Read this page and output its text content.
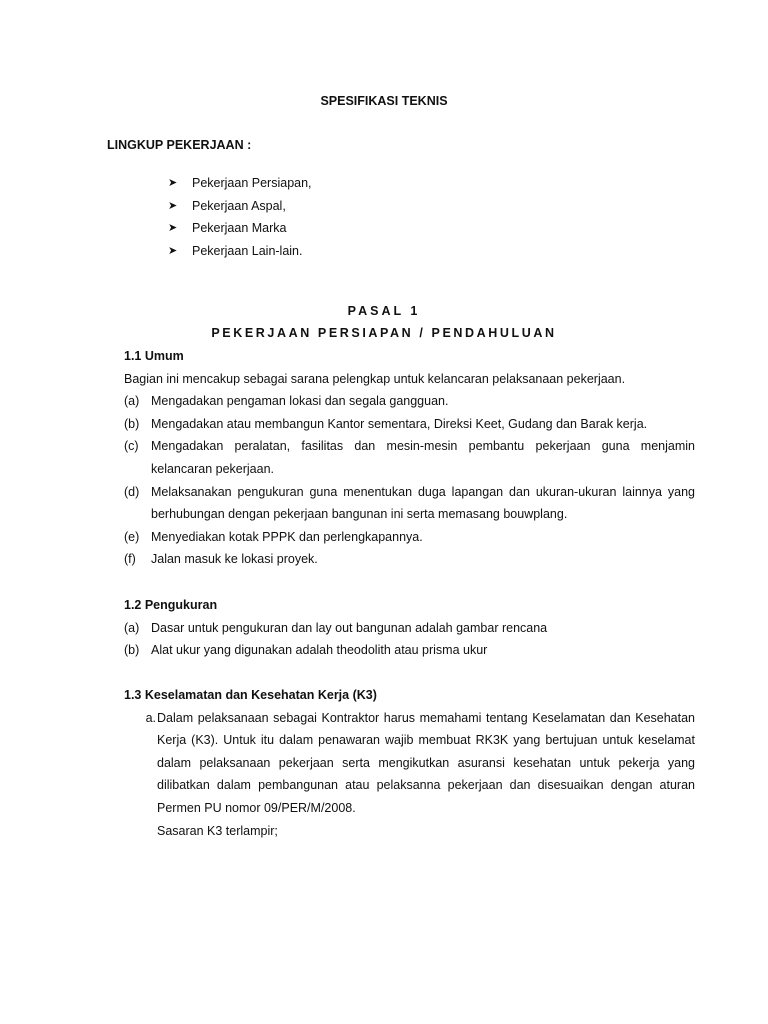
SPESIFIKASI TEKNIS
LINGKUP PEKERJAAN :
➤	Pekerjaan Persiapan,
➤	Pekerjaan Aspal,
➤	Pekerjaan Marka
➤	Pekerjaan Lain-lain.
PASAL 1
PEKERJAAN PERSIAPAN / PENDAHULUAN
1.1 Umum

Bagian ini mencakup sebagai sarana pelengkap untuk kelancaran pelaksanaan pekerjaan.

(a) Mengadakan pengaman lokasi dan segala gangguan.
(b) Mengadakan atau membangun Kantor sementara, Direksi Keet, Gudang dan Barak kerja.
(c) Mengadakan peralatan, fasilitas dan mesin-mesin pembantu pekerjaan guna menjamin kelancaran pekerjaan.
(d) Melaksanakan pengukuran guna menentukan duga lapangan dan ukuran-ukuran lainnya yang berhubungan dengan pekerjaan bangunan ini serta memasang bouwplang.
(e) Menyediakan kotak PPPK dan perlengkapannya.
(f)	Jalan masuk ke lokasi proyek.
1.2 Pengukuran
(a) Dasar untuk pengukuran dan lay out bangunan adalah gambar rencana
(b) Alat ukur yang digunakan adalah theodolith atau prisma ukur
1.3 Keselamatan dan Kesehatan Kerja (K3)
a. Dalam pelaksanaan sebagai Kontraktor harus memahami tentang Keselamatan dan Kesehatan
Kerja (K3). Untuk itu dalam penawaran wajib membuat RK3K yang bertujuan untuk keselamat
dalam pelaksanaan pekerjaan serta mengikutkan asuransi kesehatan untuk pekerja yang
dilibatkan dalam pembangunan atau pelaksanna pekerjaan dan disesuaikan dengan aturan
Permen PU nomor 09/PER/M/2008.
Sasaran K3 terlampir;
